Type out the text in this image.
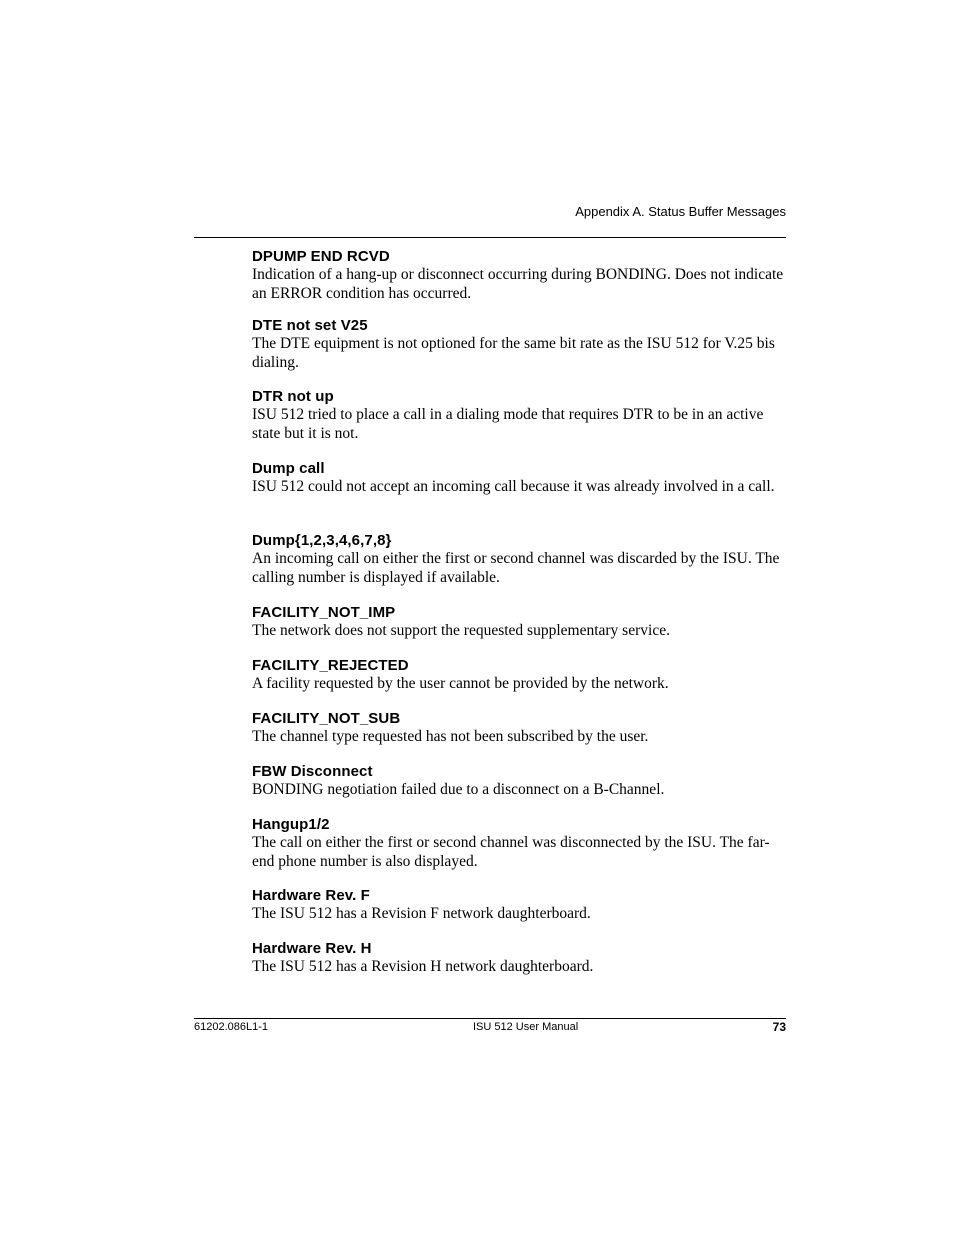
Appendix A. Status Buffer Messages
DPUMP END RCVD

Indication of a hang-up or disconnect occurring during BONDING. Does not indicate an ERROR condition has occurred.

DTE not set V25

The DTE equipment is not optioned for the same bit rate as the ISU 512 for V.25 bis dialing.

DTR not up

ISU 512 tried to place a call in a dialing mode that requires DTR to be in an active state but it is not.

Dump call

ISU 512 could not accept an incoming call because it was already involved in a call.

Dump{1,2,3,4,6,7,8}

An incoming call on either the first or second channel was discarded by the ISU. The calling number is displayed if available.

FACILITY_NOT_IMP

The network does not support the requested supplementary service.

FACILITY_REJECTED

A facility requested by the user cannot be provided by the network.

FACILITY_NOT_SUB

The channel type requested has not been subscribed by the user.

FBW Disconnect

BONDING negotiation failed due to a disconnect on a B-Channel.

Hangup1/2

The call on either the first or second channel was disconnected by the ISU. The far-end phone number is also displayed.

Hardware Rev. F

The ISU 512 has a Revision F network daughterboard.

Hardware Rev. H

The ISU 512 has a Revision H network daughterboard.

61202.086L1-1	ISU 512 User Manual	73
